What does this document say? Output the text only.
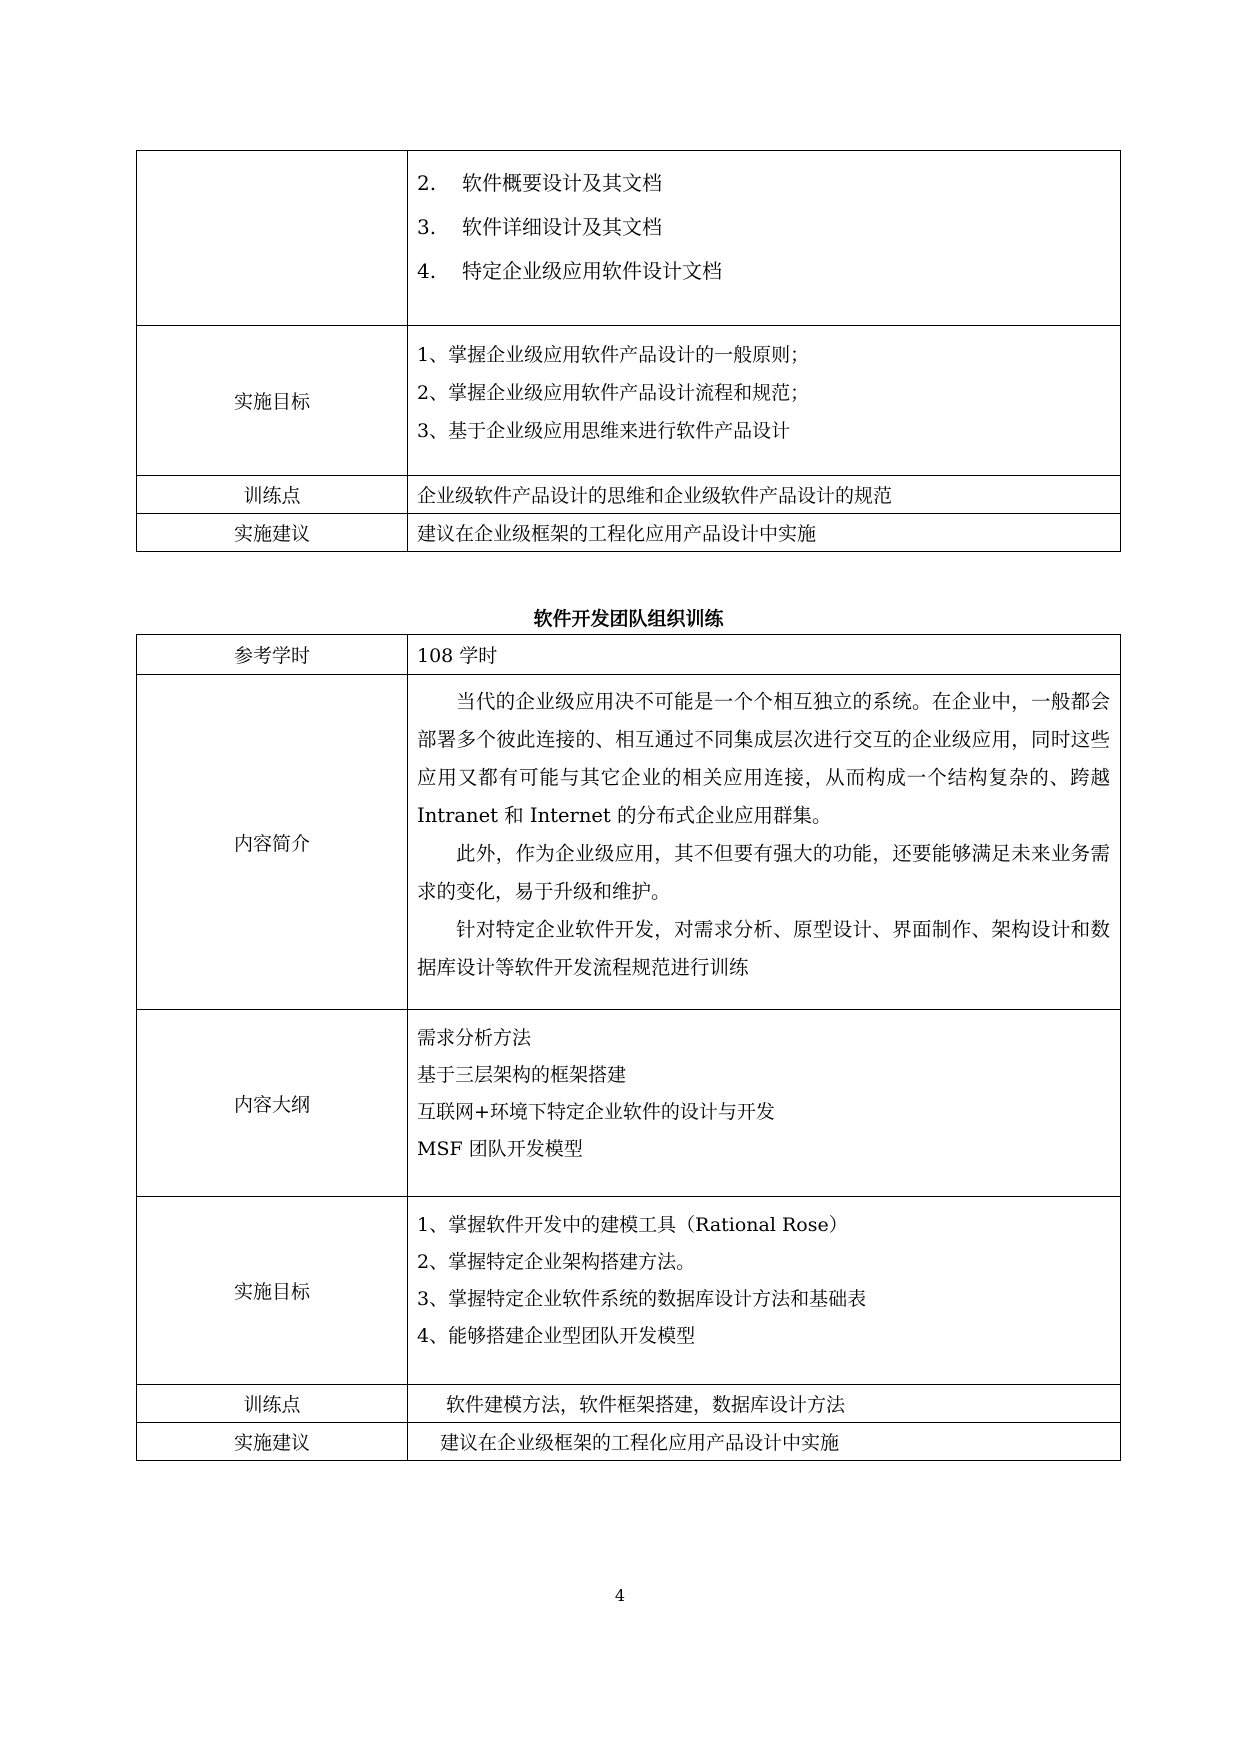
	2. 软件概要设计及其文档
3. 软件详细设计及其文档
4. 特定企业级应用软件设计文档

实施目标	1、掌握企业级应用软件产品设计的一般原则；
2、掌握企业级应用软件产品设计流程和规范；
3、基于企业级应用思维来进行软件产品设计

训练点	企业级软件产品设计的思维和企业级软件产品设计的规范
实施建议	建议在企业级框架的工程化应用产品设计中实施
软件开发团队组织训练
参考学时	108 学时
内容简介	当代的企业级应用决不可能是一个个相互独立的系统。在企业中，一般都会部署多个彼此连接的、相互通过不同集成层次进行交互的企业级应用，同时这些应用又都有可能与其它企业的相关应用连接，从而构成一个结构复杂的、跨越 Intranet 和 Internet 的分布式企业应用群集。

此外，作为企业级应用，其不但要有强大的功能，还要能够满足未来业务需求的变化，易于升级和维护。

针对特定企业软件开发，对需求分析、原型设计、界面制作、架构设计和数据库设计等软件开发流程规范进行训练

内容大纲	需求分析方法
基于三层架构的框架搭建
互联网+环境下特定企业软件的设计与开发
MSF 团队开发模型

实施目标	1、掌握软件开发中的建模工具（Rational Rose）
2、掌握特定企业架构搭建方法。
3、掌握特定企业软件系统的数据库设计方法和基础表
4、能够搭建企业型团队开发模型

训练点	软件建模方法，软件框架搭建，数据库设计方法
实施建议	建议在企业级框架的工程化应用产品设计中实施
4
